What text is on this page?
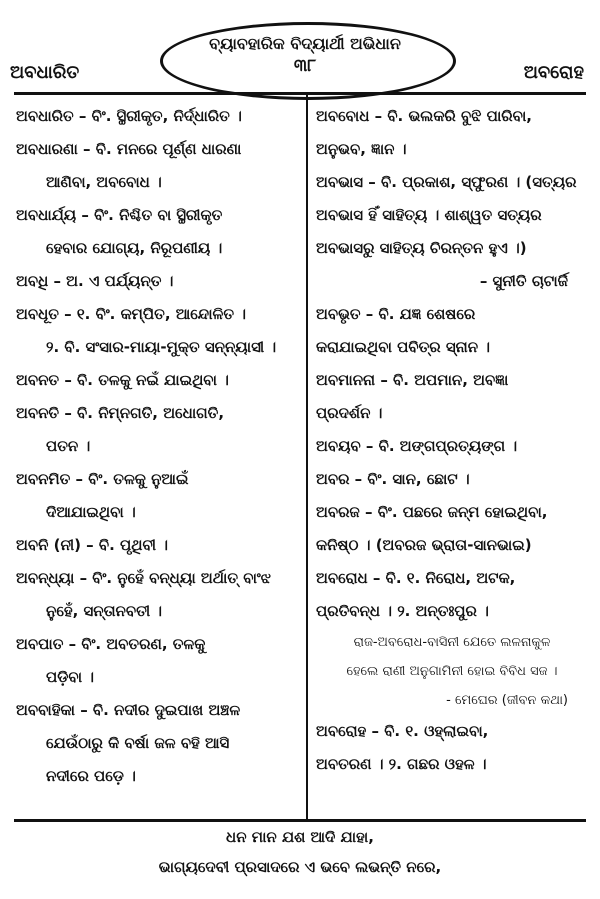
ବ୍ୟାବହାରିକ ବିଦ୍ୟାର୍ଥୀ ଅଭିଧାନ
୩୮
ଅବଧାରିତ	ଅବରୋହ

ଅବଧାରିତ – ବିଂ. ସ୍ଥିରୀକୃତ, ନିର୍ଦ୍ଧାରିତ ।

ଅବଧାରଣା – ବି. ମନରେ ପୂର୍ଣ୍ଣ ଧାରଣା

ଆଣିବା, ଅବବୋଧ ।

ଅବଧାର୍ଯ୍ୟ – ବିଂ. ନିଶ୍ଚିତ ବା ସ୍ଥିରୀକୃତ

ହେବାର ଯୋଗ୍ୟ, ନିରୂପଣୀୟ ।

ଅବଧି – ଅ. ଏ ପର୍ଯ୍ୟନ୍ତ ।

ଅବଧୂତ – ୧. ବିଂ. କମ୍ପିତ, ଆନ୍ଦୋଳିତ ।

୨. ବି. ସଂସାର-ମାୟା-ମୁକ୍ତ ସନ୍ନ୍ୟାସୀ ।

ଅବନତ – ବି. ତଳକୁ ନଇଁ ଯାଇଥିବା ।

ଅବନତି – ବି. ନିମ୍ନଗତି, ଅଧୋଗତି,

ପତନ ।

ଅବନମିତ – ବିଂ. ତଳକୁ ନୁଆଇଁ

ଦିଆଯାଇଥିବା ।

ଅବନି (ନୀ) – ବି. ପୃଥିବୀ ।

ଅବନ୍ଧ୍ୟା – ବିଂ. ନୁହେଁ ବନ୍ଧ୍ୟା ଅର୍ଥାତ୍ ବାଂଝ

ନୁହେଁ, ସନ୍ତାନବତୀ ।

ଅବପାତ – ବିଂ. ଅବତରଣ, ତଳକୁ

ପଡ଼ିବା ।

ଅବବାହିକା – ବି. ନଦୀର ଦୁଇପାଖ ଅଞ୍ଚଳ

ଯେଉଁଠାରୁ କି ବର୍ଷା ଜଳ ବହି ଆସି

ନଦୀରେ ପଡ଼େ ।

ଅବବୋଧ – ବି. ଭଲକରି ବୁଝି ପାରିବା,

ଅନୁଭବ, ଜ୍ଞାନ ।

ଅବଭାସ – ବି. ପ୍ରକାଶ, ସ୍ଫୁରଣ । (ସତ୍ୟର

ଅବଭାସ ହିଁ ସାହିତ୍ୟ । ଶାଶ୍ୱତ ସତ୍ୟର

ଅବଭାସରୁ ସାହିତ୍ୟ ଚିରନ୍ତନ ହୁଏ ।)

– ସୁନୀତି ଚାଟାର୍ଜି

ଅବଭୃତ – ବି. ଯଜ୍ଞ ଶେଷରେ

କରାଯାଇଥିବା ପବିତ୍ର ସ୍ନାନ ।

ଅବମାନନା – ବି. ଅପମାନ, ଅବଜ୍ଞା

ପ୍ରଦର୍ଶନ ।

ଅବୟବ – ବି. ଅଙ୍ଗପ୍ରତ୍ୟଙ୍ଗ ।

ଅବର – ବିଂ. ସାନ, ଛୋଟ ।

ଅବରଜ – ବିଂ. ପଛରେ ଜନ୍ମ ହୋଇଥିବା,

କନିଷ୍ଠ । (ଅବରଜ ଭ୍ରାତା-ସାନଭାଇ)

ଅବରୋଧ – ବି. ୧. ନିରୋଧ, ଅଟକ,

ପ୍ରତିବନ୍ଧ । ୨. ଅନ୍ତଃପୁର ।

ରାଜ-ଅବରୋଧ-ବାସିନୀ ଯେତେ ଲଳନାକୁଳ

ହେଲେ ରାଣୀ ଅନୁଗାମିନୀ ହୋଇ ବିବିଧ ସଜ ।

- ମେଘେର (ଜୀବନ କଥା)

ଅବରୋହ – ବି. ୧. ଓହ୍ଲାଇବା,

ଅବତରଣ । ୨. ଗଛର ଓହଳ ।

ଧନ ମାନ ଯଶ ଆଦି ଯାହା,
ଭାଗ୍ୟଦେବୀ ପ୍ରସାଦରେ ଏ ଭବେ ଲଭନ୍ତି ନରେ,
